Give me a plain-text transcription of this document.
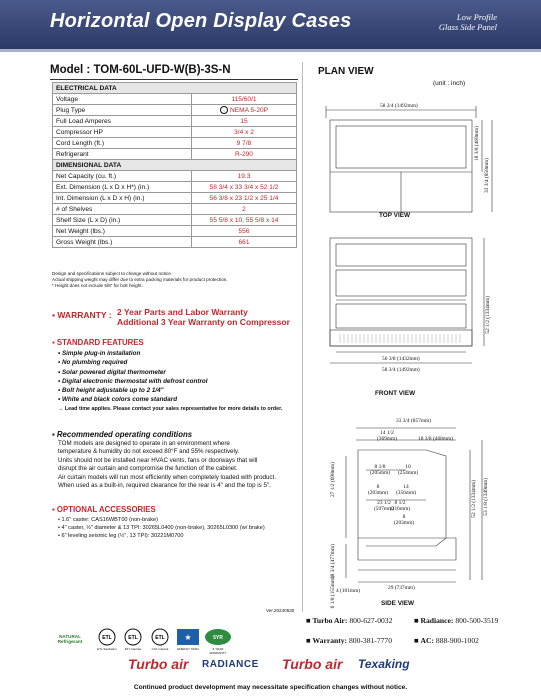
Horizontal Open Display Cases	Low Profile
Glass Side Panel
Model : TOM-60L-UFD-W(B)-3S-N
ELECTRICAL DATA	
Voltage	115/60/1
Plug Type	·: NEMA 5-20P
Full Load Amperes	15
Compressor HP	3/4 x 2
Cord Length (ft.)	9 7/8
Refrigerant	R-290
DIMENSIONAL DATA	
Net Capacity (cu. ft.)	19.3
Ext. Dimension (L x D x H*) (in.)	58 3/4 x 33 3/4 x 52 1/2
Int. Dimension (L x D x H) (in.)	56 3/8 x 23 1/2 x 25 1/4
# of Shelves	2
Shelf Size (L x D) (in.)	55 5/8 x 10, 55 5/8 x 14
Net Weight (lbs.)	556
Gross Weight (lbs.)	661
Design and specifications subject to change without notice.
Actual shipping weight may differ due to extra packing materials for product protection.
* Height does not include 5/8" for bolt height.
▪ WARRANTY : 2 Year Parts and Labor Warranty
Additional 3 Year Warranty on Compressor
▪ STANDARD FEATURES
• Simple plug-in installation
• No plumbing required
• Solar powered digital thermometer
• Digital electronic thermostat with defrost control
• Bolt height adjustable up to 2 1/4"
• White and black colors come standard
→ Lead time applies. Please contact your sales representative for more details to order.
▪ Recommended operating conditions
TOM models are designed to operate in an environment where
temperature & humidity do not exceed 80°F and 55% respectively.
Units should not be installed near HVAC vents, fans or doorways that will
disrupt the air curtain and compromise the function of the cabinet.
Air curtain models will run most efficiently when completely loaded with product.
When used as a built-in, required clearance for the rear is 4" and the top is 5".
▪ OPTIONAL ACCESSORIES
• 1.6" caster: CAS16WBT00 (non-brake)
• 4" caster, ½" diameter & 13 TPI: 30265L0400 (non-brake), 30265L0300 (w/ brake)
• 6" leveling seismic leg (½", 13 TPI): 30221M0700
Ver.20240530
NATURAL Refrigerant
ETL
ETL Sanitation
ETL
ETL Intertek
ETL
CUL Intertek
★
ENERGY STAR
5YR
5-YEAR WARRANTY
■ Turbo Air: 800-627-0032	■ Radiance: 800-500-3519
■ Warranty: 800-381-7770	■ AC: 888-900-1002
Turbo air RADIANCE Turbo air Texaking
Continued product development may necessitate specification changes without notice.
PLAN VIEW
(unit : inch)
58 3/4 (1492mm)
18 3/8 (468mm)
33 3/4 (858mm)
TOP VIEW
52 1/2 (1334mm)
56 3/8 (1432mm)
58 3/4 (1492mm)
FRONT VIEW
33 3/4 (857mm)
14 1/2 (369mm)	18 3/8 (468mm)
8 1/8 (205mm)
10 (254mm)
8 (203mm)
14 (356mm)
23 1/2 (597mm)
8 1/2 (216mm)
8 (203mm)
27 1/2 (698mm)
18 3/4 (477mm)
6 1/8 (155mm) 4 (101mm)	29 (737mm)
52 1/2 (1334mm) 53 1/8 (1349mm)
SIDE VIEW
